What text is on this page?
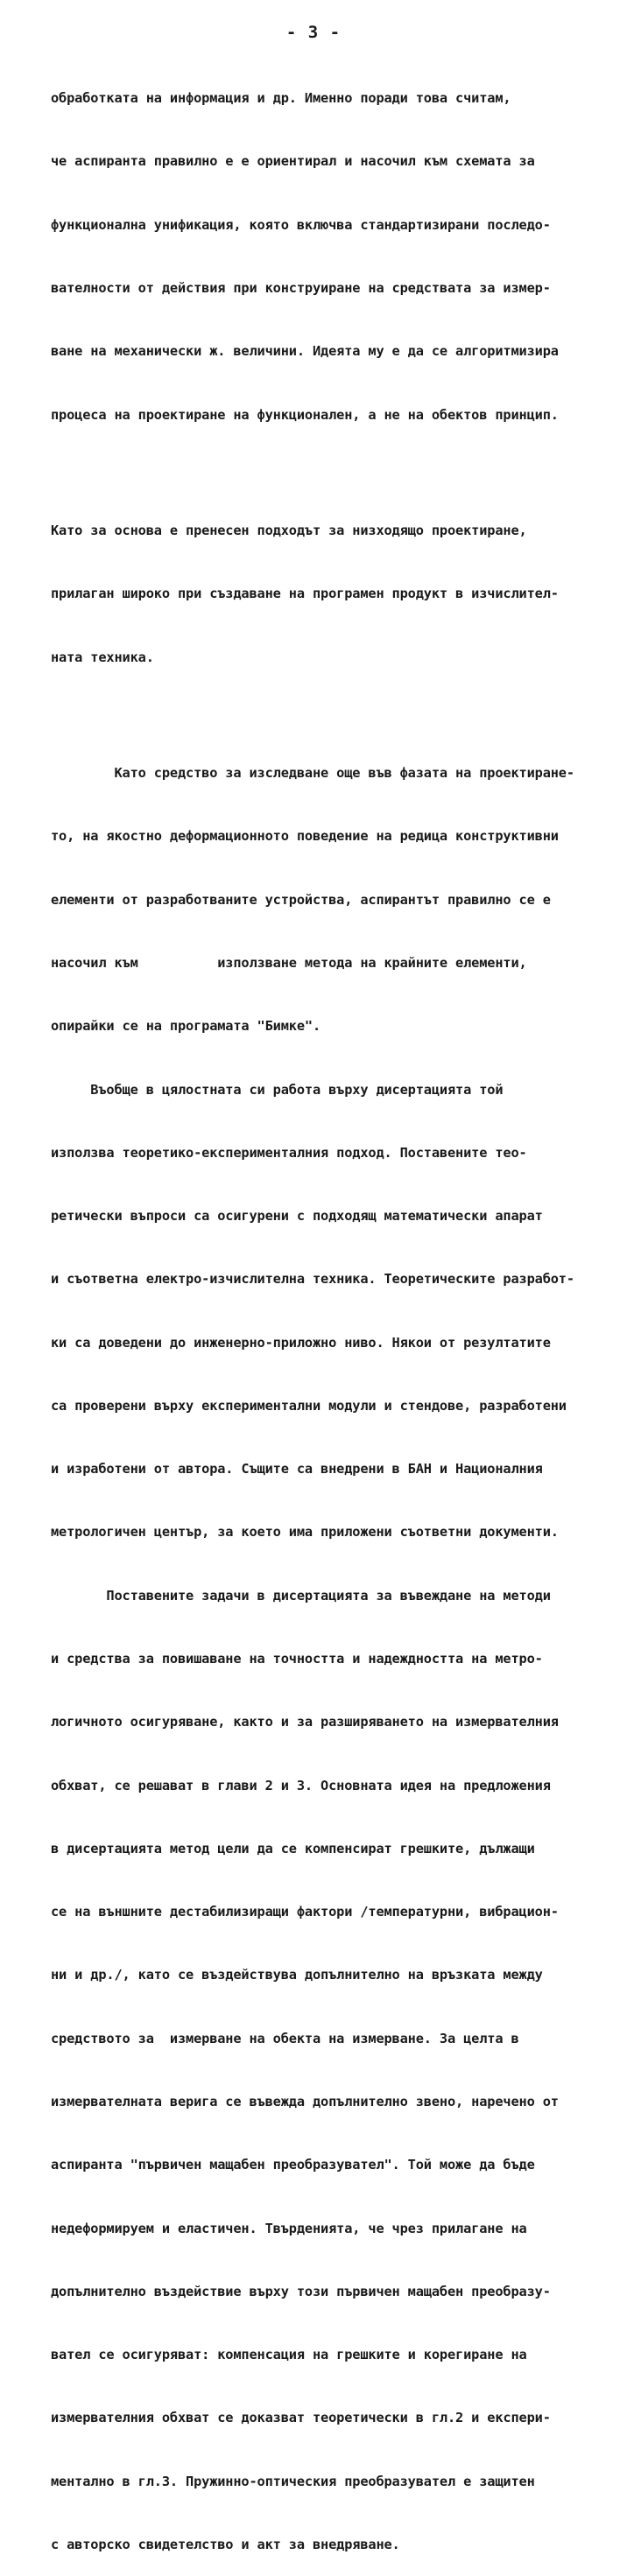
- 3 -

обработката на информация и др. Именно поради това считам,

че аспиранта правилно е е ориентирал и насочил към схемата за

функционална унификация, която включва стандартизирани последо-

вателности от действия при конструиране на средствата за измер-

ване на механически ж. величини. Идеята му е да се алгоритмизира

процеса на проектиране на функционален, а не на обектов принцип.

Като за основа е пренесен подходът за низходящо проектиране,

прилаган широко при създаване на програмен продукт в изчислител-

ната техника.

Като средство за изследване още във фазата на проектиране-

то, на якостно деформационното поведение на редица конструктивни

елементи от разработваните устройства, аспирантът правилно се е

насочил към          използване метода на крайните елементи,

опирайки се на програмата "Бимке".

Въобще в цялостната си работа върху дисертацията той

използва теоретико-експерименталния подход. Поставените тео-

ретически въпроси са осигурени с подходящ математически апарат

и съответна електро-изчислителна техника. Теоретическите разработ-

ки са доведени до инженерно-приложно ниво. Някои от резултатите

са проверени върху експериментални модули и стендове, разработени

и изработени от автора. Същите са внедрени в БАН и Националния

метрологичен център, за което има приложени съответни документи.

Поставените задачи в дисертацията за въвеждане на методи

и средства за повишаване на точността и надеждността на метро-

логичното осигуряване, както и за разширяването на измервателния

обхват, се решават в глави 2 и 3. Основната идея на предложения

в дисертацията метод цели да се компенсират грешките, дължащи

се на външните дестабилизиращи фактори /температурни, вибрацион-

ни и др./, като се въздействува допълнително на връзката между

средството за  измерване на обекта на измерване. За целта в

измервателната верига се въвежда допълнително звено, наречено от

аспиранта "първичен мащабен преобразувател". Той може да бъде

недеформируем и еластичен. Твърденията, че чрез прилагане на

допълнително въздействие върху този първичен мащабен преобразу-

вател се осигуряват: компенсация на грешките и корегиране на

измервателния обхват се доказват теоретически в гл.2 и експери-

ментално в гл.3. Пружинно-оптическия преобразувател е защитен

с авторско свидетелство и акт за внедряване.
